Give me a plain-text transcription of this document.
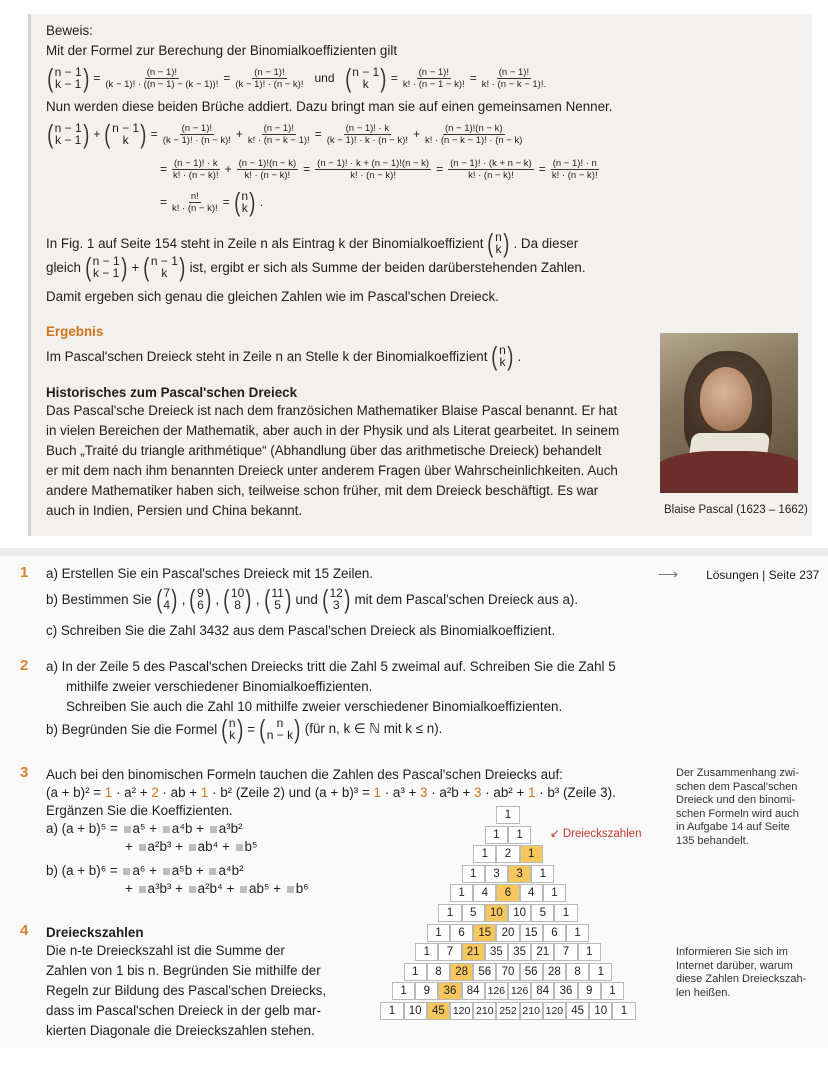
Beweis:
Mit der Formel zur Berechung der Binomialkoeffizienten gilt
( n − 1
k − 1 ) = $\frac{(n - 1)!}{(k - 1)! \cdot ((n - 1) - (k - 1))!} = \frac{(n - 1)!}{(k - 1)! \cdot (n - k)!}$ und ( n − 1
k ) = $\frac{(n - 1)!}{k! \cdot (n - 1 - k)!} = \frac{(n - 1)!}{k! \cdot (n - k - 1)!.}$
Nun werden diese beiden Brüche addiert. Dazu bringt man sie auf einen gemeinsamen Nenner.
( n − 1
k − 1 ) + ( n − 1
k ) = $\frac{(n - 1)!}{(k - 1)! \cdot (n - k)!} + \frac{(n - 1)!}{k! \cdot (n - k - 1)!} = \frac{(n - 1)! \cdot k}{(k - 1)! \cdot k \cdot (n - k)!} + \frac{(n - 1)!(n - k)}{k! \cdot (n - k - 1)! \cdot (n - k)}$
= $\frac{(n - 1)! \cdot k}{k! \cdot (n - k)!} + \frac{(n - 1)!(n - k)}{k! \cdot (n - k)!} = \frac{(n - 1)! \cdot k + (n - 1)!(n - k)}{k! \cdot (n - k)!} = \frac{(n - 1)! \cdot (k + n - k)}{k! \cdot (n - k)!} = \frac{(n - 1)! \cdot n}{k! \cdot (n - k)!}$
= $\frac{n!}{k! \cdot (n - k)!}$ = ( n
k ) .
In Fig. 1 auf Seite 154 steht in Zeile n als Eintrag k der Binomialkoeffizient ( n
k ) . Da dieser
gleich ( n − 1
k − 1 ) + ( n − 1
k ) ist, ergibt er sich als Summe der beiden darüberstehenden Zahlen.
Damit ergeben sich genau die gleichen Zahlen wie im Pascal'schen Dreieck.
Ergebnis
Im Pascal'schen Dreieck steht in Zeile n an Stelle k der Binomialkoeffizient ( n
k ) .
Historisches zum Pascal'schen Dreieck
Das Pascal'sche Dreieck ist nach dem französichen Mathematiker Blaise Pascal benannt. Er hat
in vielen Bereichen der Mathematik, aber auch in der Physik und als Literat gearbeitet. In seinem
Buch „Traité du triangle arithmétique“ (Abhandlung über das arithmetische Dreieck) behandelt
er mit dem nach ihm benannten Dreieck unter anderem Fragen über Wahrscheinlichkeiten. Auch
andere Mathematiker haben sich, teilweise schon früher, mit dem Dreieck beschäftigt. Es war
auch in Indien, Persien und China bekannt.	Blaise Pascal (1623 – 1662)
1 a) Erstellen Sie ein Pascal'sches Dreieck mit 15 Zeilen.	⟶ Lösungen | Seite 237
b) Bestimmen Sie ( 7
4 ) , ( 9
6 ) , ( 10
8 ) , ( 11
5 ) und ( 12
3 ) mit dem Pascal'schen Dreieck aus a).
c) Schreiben Sie die Zahl 3432 aus dem Pascal'schen Dreieck als Binomialkoeffizient.
2 a) In der Zeile 5 des Pascal'schen Dreiecks tritt die Zahl 5 zweimal auf. Schreiben Sie die Zahl 5
mithilfe zweier verschiedener Binomialkoeffizienten.
Schreiben Sie auch die Zahl 10 mithilfe zweier verschiedener Binomialkoeffizienten.
b) Begründen Sie die Formel ( n
k ) = ( n
n − k ) (für n, k ∈ ℕ mit k ≤ n).
3 Auch bei den binomischen Formeln tauchen die Zahlen des Pascal'schen Dreiecks auf:
(a + b)² = 1 · a² + 2 · ab + 1 · b² (Zeile 2) und (a + b)³ = 1 · a³ + 3 · a²b + 3 · ab² + 1 · b³ (Zeile 3).
Ergänzen Sie die Koeffizienten.
a) (a + b)⁵ = a⁵ + a⁴b + a³b²
+ a²b³ + ab⁴ + b⁵
b) (a + b)⁶ = a⁶ + a⁵b + a⁴b²
+ a³b³ + a²b⁴ + ab⁵ + b⁶
Der Zusammenhang zwi-
schen dem Pascal'schen
Dreieck und den binomi-
schen Formeln wird auch
in Aufgabe 14 auf Seite
135 behandelt.
4 Dreieckszahlen
Die n-te Dreieckszahl ist die Summe der
Zahlen von 1 bis n. Begründen Sie mithilfe der
Regeln zur Bildung des Pascal'schen Dreiecks,
dass im Pascal'schen Dreieck in der gelb mar-
kierten Diagonale die Dreieckszahlen stehen.
Informieren Sie sich im
Internet darüber, warum
diese Zahlen Dreieckszah-
len heißen.
1
1	1
1	2	1
1	3	3	1
1	4	6	4	1
1	5	10 10	5	1
1	6	15 20 15	6	1
1	7	21 35 35 21	7	1
1	8	28 56 70 56 28	8	1
1	9	36 84 126 126 84 36	9	1
1	10 45 120 210 252 210 120 45 10	1
↙ Dreieckszahlen
